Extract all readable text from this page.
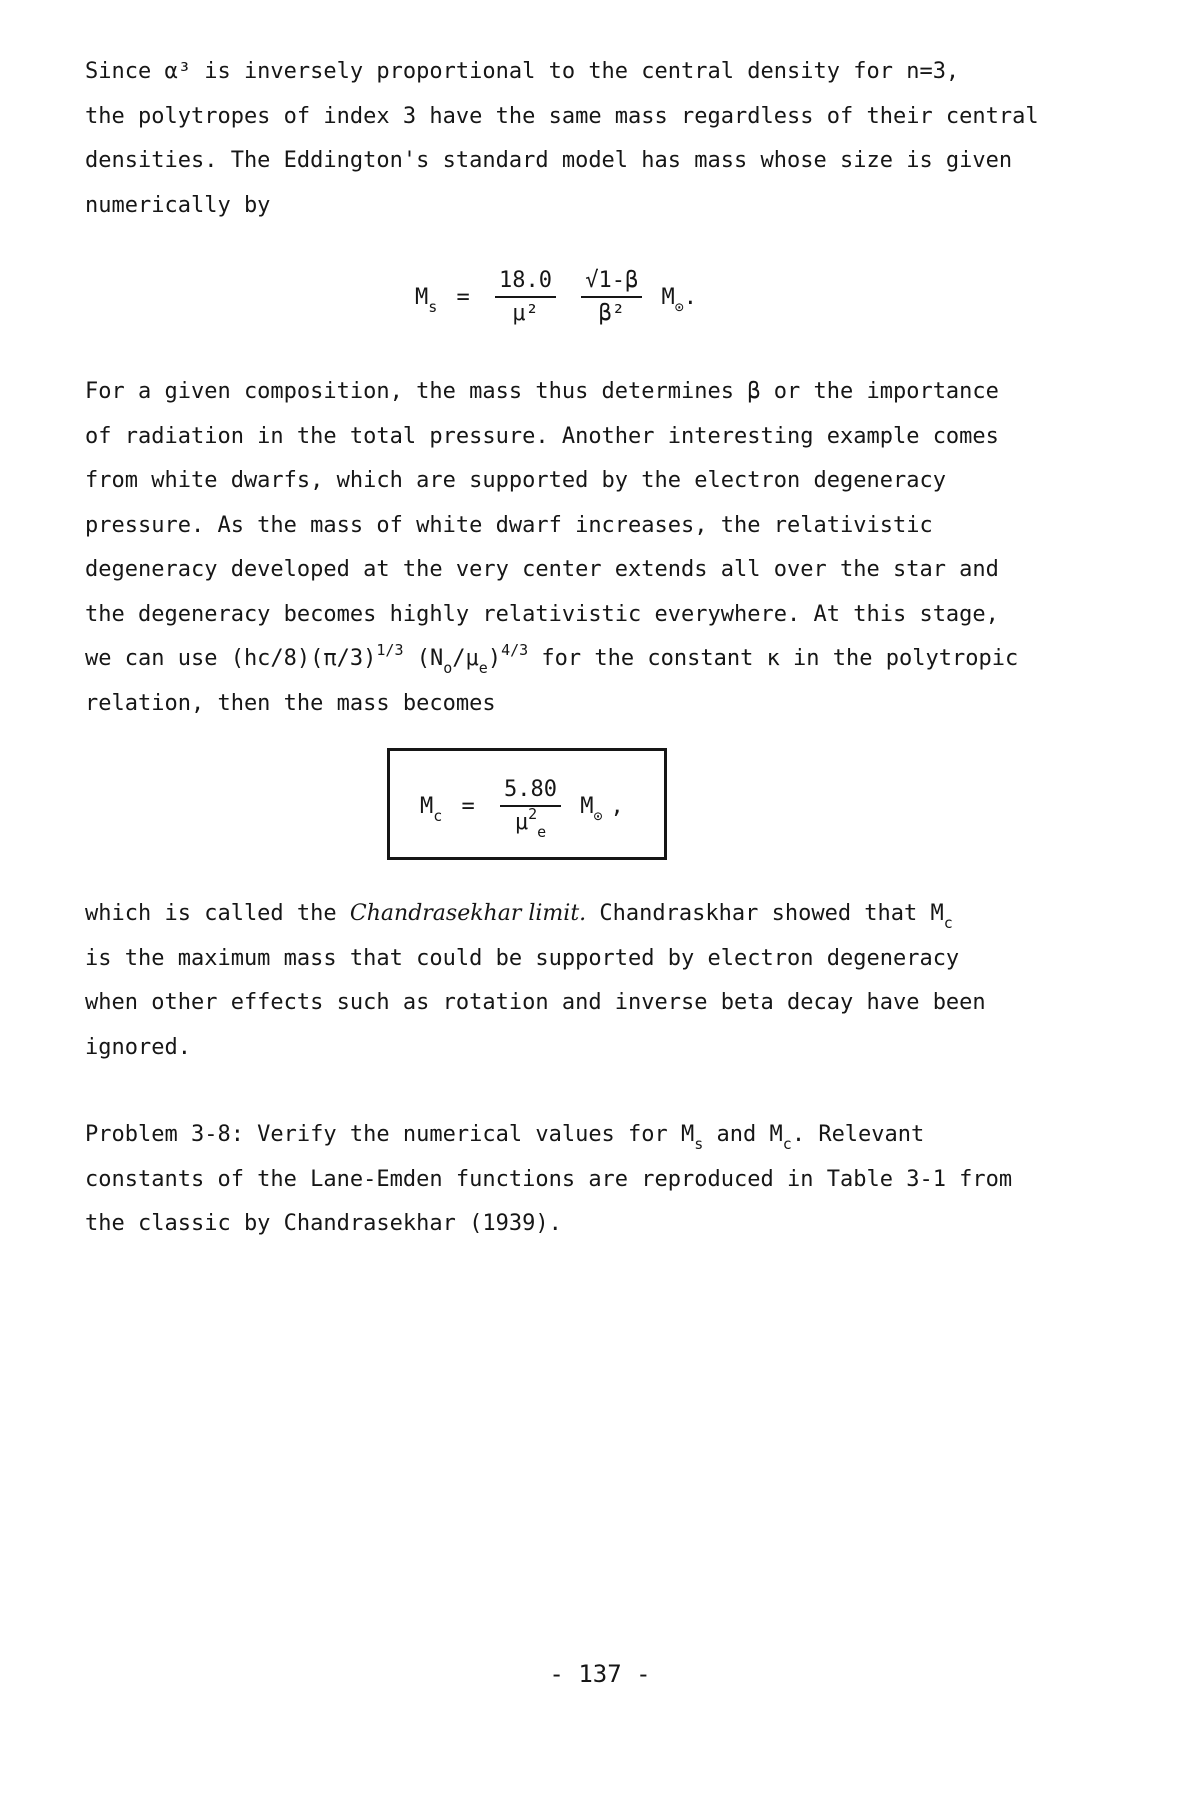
Since α³ is inversely proportional to the central density for n=3,
the polytropes of index 3 have the same mass regardless of their central
densities. The Eddington's standard model has mass whose size is given
numerically by
$M_s = \frac{18.0}{\text{μ²}}$
$\frac{√1-\beta}{\text{β²}} M_⊙$.
For a given composition, the mass thus determines β or the importance
of radiation in the total pressure. Another interesting example comes
from white dwarfs, which are supported by the electron degeneracy
pressure. As the mass of white dwarf increases, the relativistic
degeneracy developed at the very center extends all over the star and
the degeneracy becomes highly relativistic everywhere. At this stage,
we can use $(hc/8)(\pi/3)^{1/3}$ $(N_o/\mu_e)^{4/3}$ for the constant κ in the polytropic
relation, then the mass becomes
$M_c = \frac{5.80}{\mu^2_e} M_⊙$ ,
which is called the Chandrasekhar limit. Chandraskhar showed that $M_c$
is the maximum mass that could be supported by electron degeneracy
when other effects such as rotation and inverse beta decay have been
ignored.
Problem 3-8: Verify the numerical values for $M_s$ and $M_c$. Relevant
constants of the Lane-Emden functions are reproduced in Table 3-1 from
the classic by Chandrasekhar (1939).
- 137 -
